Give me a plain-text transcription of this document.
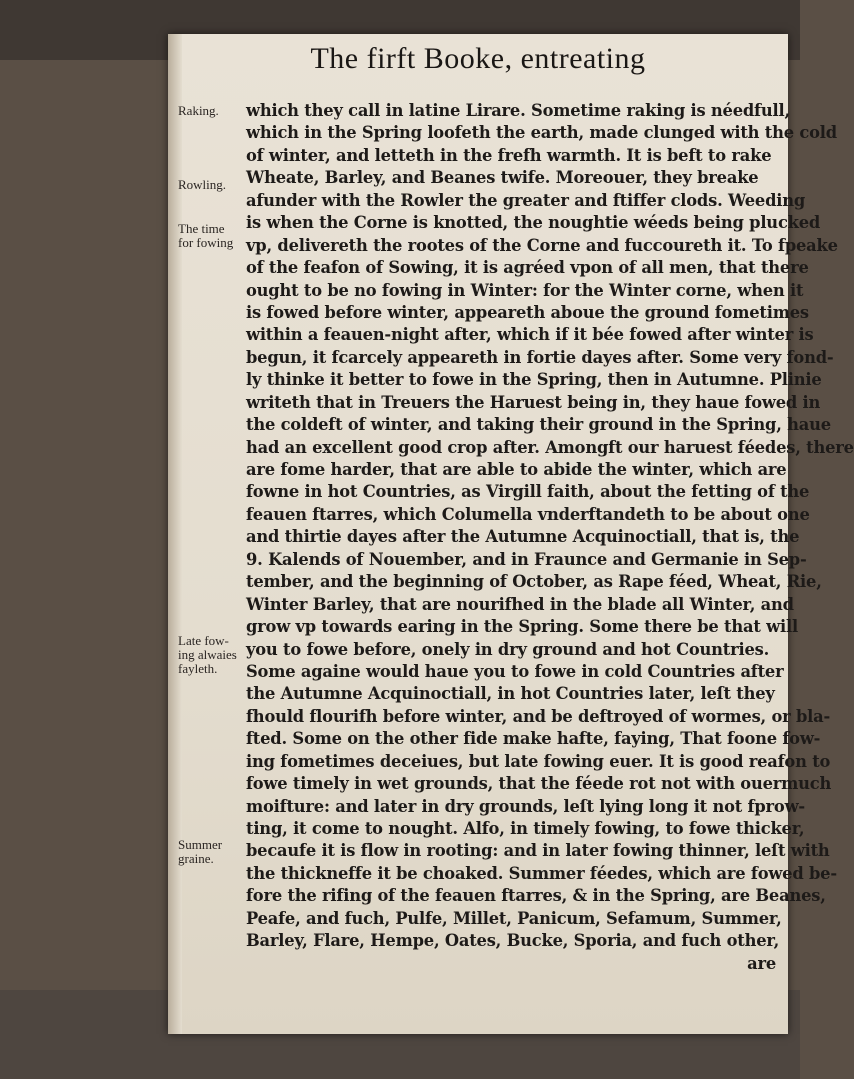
The firft Booke, entreating
Raking.
Rowling.
The time
for fowing
Late fow-
ing alwaies
fayleth.
Summer
graine.
which they call in latine Lirare. Sometime raking is néedfull,
which in the Spring loofeth the earth, made clunged with the cold
of winter, and letteth in the frefh warmth. It is beft to rake
Wheate, Barley, and Beanes twife. Moreouer, they breake
afunder with the Rowler the greater and ftiffer clods. Weeding
is when the Corne is knotted, the noughtie wéeds being plucked
vp, delivereth the rootes of the Corne and fuccoureth it. To fpeake
of the feafon of Sowing, it is agréed vpon of all men, that there
ought to be no fowing in Winter: for the Winter corne, when it
is fowed before winter, appeareth aboue the ground fometimes
within a feauen-night after, which if it bée fowed after winter is
begun, it fcarcely appeareth in fortie dayes after. Some very fond-
ly thinke it better to fowe in the Spring, then in Autumne. Plinie
writeth that in Treuers the Haruest being in, they haue fowed in
the coldeft of winter, and taking their ground in the Spring, haue
had an excellent good crop after. Amongft our haruest féedes, there
are fome harder, that are able to abide the winter, which are
fowne in hot Countries, as Virgill faith, about the fetting of the
feauen ftarres, which Columella vnderftandeth to be about one
and thirtie dayes after the Autumne Acquinoctiall, that is, the
9. Kalends of Nouember, and in Fraunce and Germanie in Sep-
tember, and the beginning of October, as Rape féed, Wheat, Rie,
Winter Barley, that are nourifhed in the blade all Winter, and
grow vp towards earing in the Spring. Some there be that will
you to fowe before, onely in dry ground and hot Countries.
Some againe would haue you to fowe in cold Countries after
the Autumne Acquinoctiall, in hot Countries later, leſt they
fhould flourifh before winter, and be deftroyed of wormes, or bla-
fted. Some on the other fide make hafte, faying, That foone fow-
ing fometimes deceiues, but late fowing euer. It is good reafon to
fowe timely in wet grounds, that the féede rot not with ouermuch
moifture: and later in dry grounds, leſt lying long it not fprow-
ting, it come to nought. Alfo, in timely fowing, to fowe thicker,
becaufe it is flow in rooting: and in later fowing thinner, leſt with
the thickneffe it be choaked. Summer féedes, which are fowed be-
fore the rifing of the feauen ftarres, & in the Spring, are Beanes,
Peafe, and fuch, Pulfe, Millet, Panicum, Sefamum, Summer,
Barley, Flare, Hempe, Oates, Bucke, Sporia, and fuch other,
are
